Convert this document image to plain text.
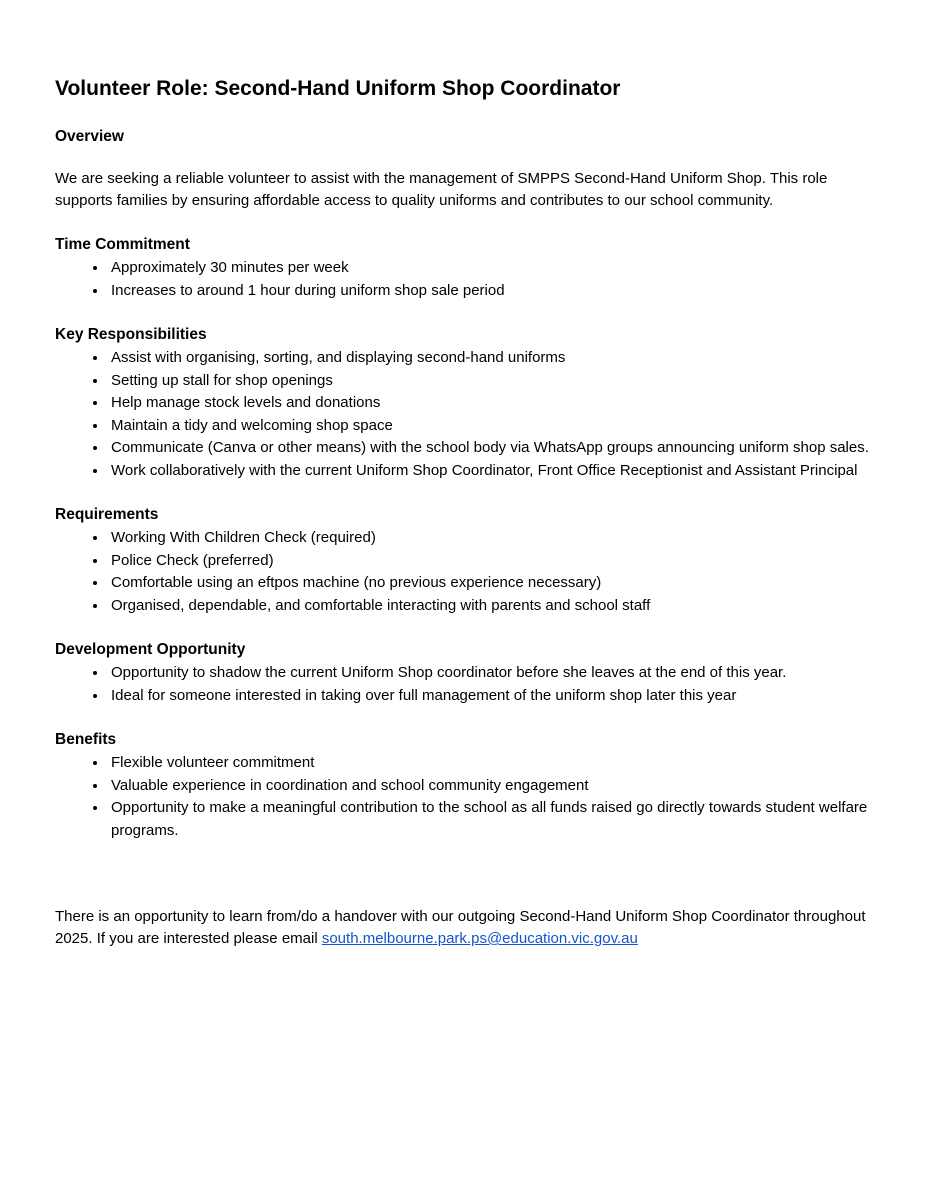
Volunteer Role: Second-Hand Uniform Shop Coordinator
Overview

We are seeking a reliable volunteer to assist with the management of SMPPS Second-Hand Uniform Shop. This role supports families by ensuring affordable access to quality uniforms and contributes to our school community.

Time Commitment
• Approximately 30 minutes per week
• Increases to around 1 hour during uniform shop sale period
Key Responsibilities
• Assist with organising, sorting, and displaying second-hand uniforms
• Setting up stall for shop openings
• Help manage stock levels and donations
• Maintain a tidy and welcoming shop space
• Communicate (Canva or other means) with the school body via WhatsApp groups announcing uniform shop sales.
• Work collaboratively with the current Uniform Shop Coordinator, Front Office Receptionist and Assistant Principal
Requirements
• Working With Children Check (required)
• Police Check (preferred)
• Comfortable using an eftpos machine (no previous experience necessary)
• Organised, dependable, and comfortable interacting with parents and school staff
Development Opportunity
• Opportunity to shadow the current Uniform Shop coordinator before she leaves at the end of this year.
• Ideal for someone interested in taking over full management of the uniform shop later this year
Benefits
• Flexible volunteer commitment
• Valuable experience in coordination and school community engagement
• Opportunity to make a meaningful contribution to the school as all funds raised go directly towards student welfare programs.

There is an opportunity to learn from/do a handover with our outgoing Second-Hand Uniform Shop Coordinator throughout 2025. If you are interested please email south.melbourne.park.ps@education.vic.gov.au
